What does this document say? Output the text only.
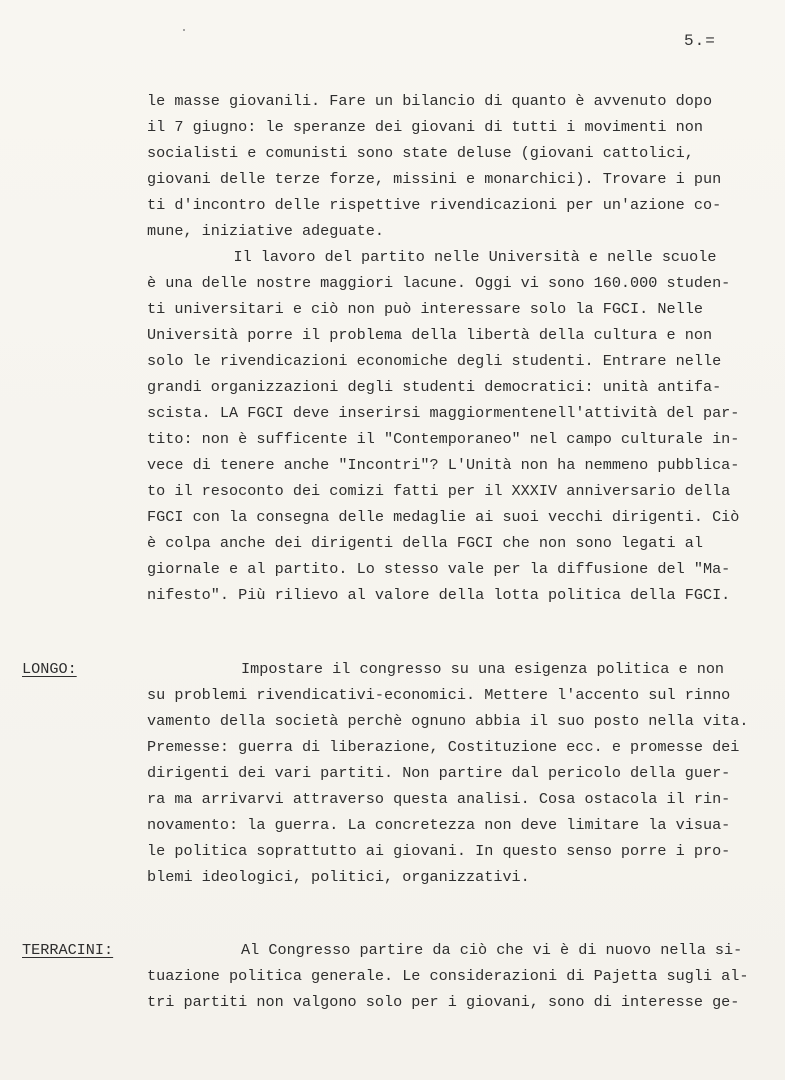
5.=
le masse giovanili. Fare un bilancio di quanto è avvenuto dopo
il 7 giugno: le speranze dei giovani di tutti i movimenti non
socialisti e comunisti sono state deluse (giovani cattolici,
giovani delle terze forze, missini e monarchici). Trovare i pun
ti d'incontro delle rispettive rivendicazioni per un'azione co-
mune, iniziative adeguate.
Il lavoro del partito nelle Università e nelle scuole
è una delle nostre maggiori lacune. Oggi vi sono 160.000 studen-
ti universitari e ciò non può interessare solo la FGCI. Nelle
Università porre il problema della libertà della cultura e non
solo le rivendicazioni economiche degli studenti. Entrare nelle
grandi organizzazioni degli studenti democratici: unità antifa-
scista. LA FGCI deve inserirsi maggiormentenell'attività del par-
tito: non è sufficente il "Contemporaneo" nel campo culturale in-
vece di tenere anche "Incontri"? L'Unità non ha nemmeno pubblica-
to il resoconto dei comizi fatti per il XXXIV anniversario della
FGCI con la consegna delle medaglie ai suoi vecchi dirigenti. Ciò
è colpa anche dei dirigenti della FGCI che non sono legati al
giornale e al partito. Lo stesso vale per la diffusione del "Ma-
nifesto". Più rilievo al valore della lotta politica della FGCI.
LONGO:	Impostare il congresso su una esigenza politica e non
su problemi rivendicativi-economici. Mettere l'accento sul rinno
vamento della società perchè ognuno abbia il suo posto nella vita.
Premesse: guerra di liberazione, Costituzione ecc. e promesse dei
dirigenti dei vari partiti. Non partire dal pericolo della guer-
ra ma arrivarvi attraverso questa analisi. Cosa ostacola il rin-
novamento: la guerra. La concretezza non deve limitare la visua-
le politica soprattutto ai giovani. In questo senso porre i pro-
blemi ideologici, politici, organizzativi.
TERRACINI:	Al Congresso partire da ciò che vi è di nuovo nella si-
tuazione politica generale. Le considerazioni di Pajetta sugli al-
tri partiti non valgono solo per i giovani, sono di interesse ge-
